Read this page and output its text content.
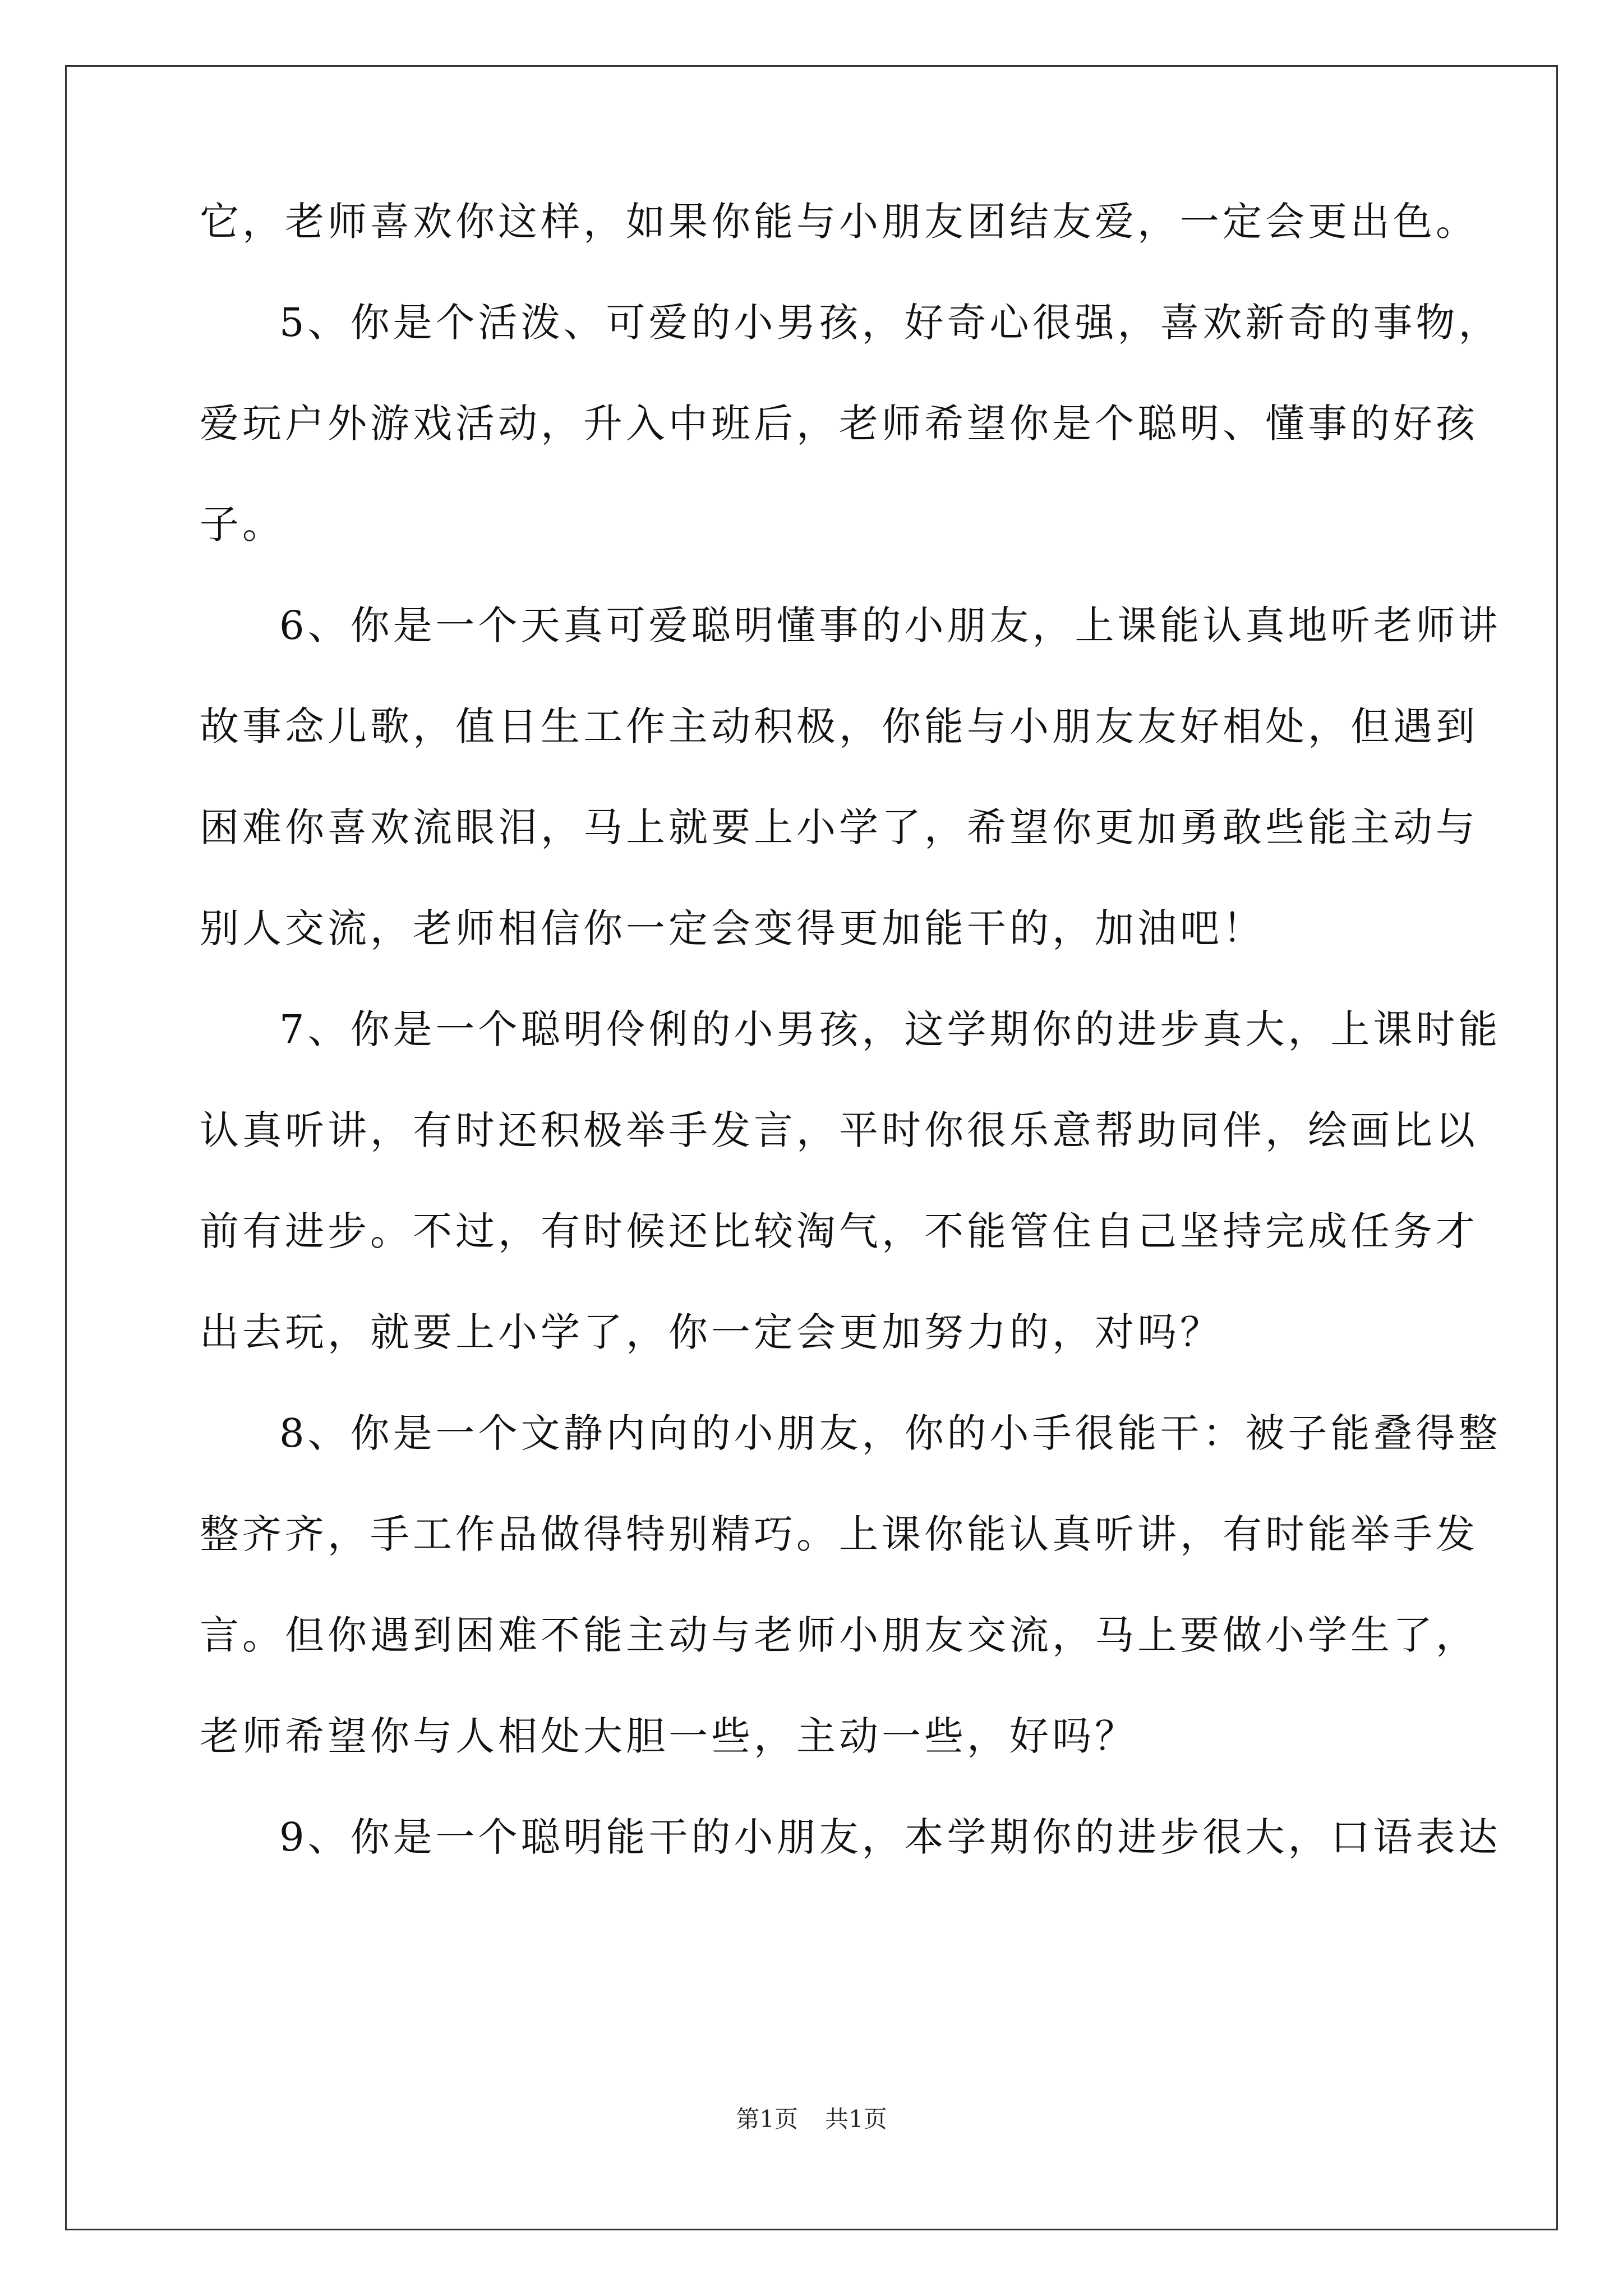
它，老师喜欢你这样，如果你能与小朋友团结友爱，一定会更出色。
5、你是个活泼、可爱的小男孩，好奇心很强，喜欢新奇的事物，
爱玩户外游戏活动，升入中班后，老师希望你是个聪明、懂事的好孩
子。
6、你是一个天真可爱聪明懂事的小朋友，上课能认真地听老师讲
故事念儿歌，值日生工作主动积极，你能与小朋友友好相处，但遇到
困难你喜欢流眼泪，马上就要上小学了，希望你更加勇敢些能主动与
别人交流，老师相信你一定会变得更加能干的，加油吧！
7、你是一个聪明伶俐的小男孩，这学期你的进步真大，上课时能
认真听讲，有时还积极举手发言，平时你很乐意帮助同伴，绘画比以
前有进步。不过，有时候还比较淘气，不能管住自己坚持完成任务才
出去玩，就要上小学了，你一定会更加努力的，对吗？
8、你是一个文静内向的小朋友，你的小手很能干：被子能叠得整
整齐齐，手工作品做得特别精巧。上课你能认真听讲，有时能举手发
言。但你遇到困难不能主动与老师小朋友交流，马上要做小学生了，
老师希望你与人相处大胆一些，主动一些，好吗？
9、你是一个聪明能干的小朋友，本学期你的进步很大，口语表达
第1页 共1页
